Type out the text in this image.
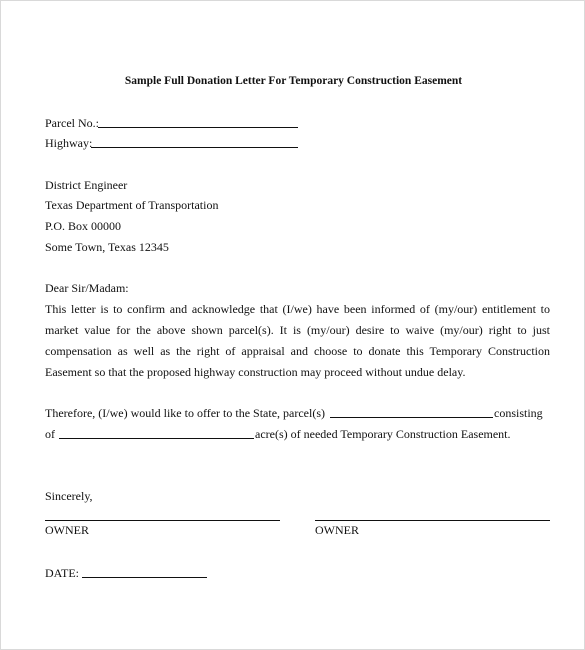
Sample Full Donation Letter For Temporary Construction Easement
Parcel No.:
Highway:
District Engineer
Texas Department of Transportation
P.O. Box 00000
Some Town, Texas 12345
Dear Sir/Madam:
This letter is to confirm and acknowledge that (I/we) have been informed of (my/our) entitlement to
market value for the above shown parcel(s). It is (my/our) desire to waive (my/our) right to just
compensation as well as the right of appraisal and choose to donate this Temporary Construction
Easement so that the proposed highway construction may proceed without undue delay.
Therefore, (I/we) would like to offer to the State, parcel(s)	consisting
of	acre(s) of needed Temporary Construction Easement.
Sincerely,
OWNER	OWNER
DATE:
